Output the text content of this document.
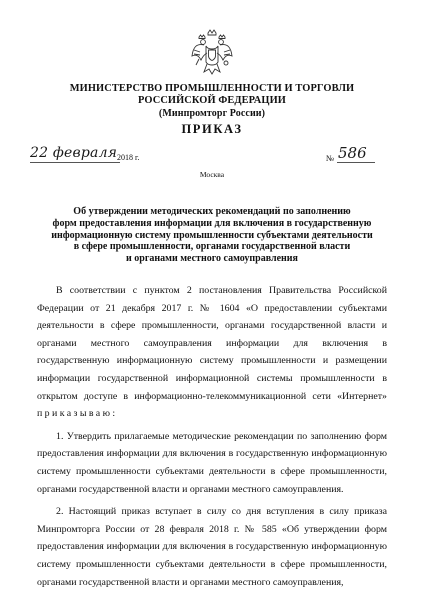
МИНИСТЕРСТВО ПРОМЫШЛЕННОСТИ И ТОРГОВЛИ
РОССИЙСКОЙ ФЕДЕРАЦИИ
(Минпромторг России)
ПРИКАЗ
22 февраля 2018 г.	№ 586
Москва
Об утверждении методических рекомендаций по заполнению
форм предоставления информации для включения в государственную
информационную систему промышленности субъектами деятельности
в сфере промышленности, органами государственной власти
и органами местного самоуправления

В соответствии с пунктом 2 постановления Правительства Российской Федерации от 21 декабря 2017 г. № 1604 «О предоставлении субъектами деятельности в сфере промышленности, органами государственной власти и органами местного самоуправления информации для включения в государственную информационную систему промышленности и размещении информации государственной информационной системы промышленности в открытом доступе в информационно-телекоммуникационной сети «Интернет» приказываю:

1. Утвердить прилагаемые методические рекомендации по заполнению форм предоставления информации для включения в государственную информационную систему промышленности субъектами деятельности в сфере промышленности, органами государственной власти и органами местного самоуправления.

2. Настоящий приказ вступает в силу со дня вступления в силу приказа Минпромторга России от 28 февраля 2018 г. № 585 «Об утверждении форм предоставления информации для включения в государственную информационную систему промышленности субъектами деятельности в сфере промышленности, органами государственной власти и органами местного самоуправления,
